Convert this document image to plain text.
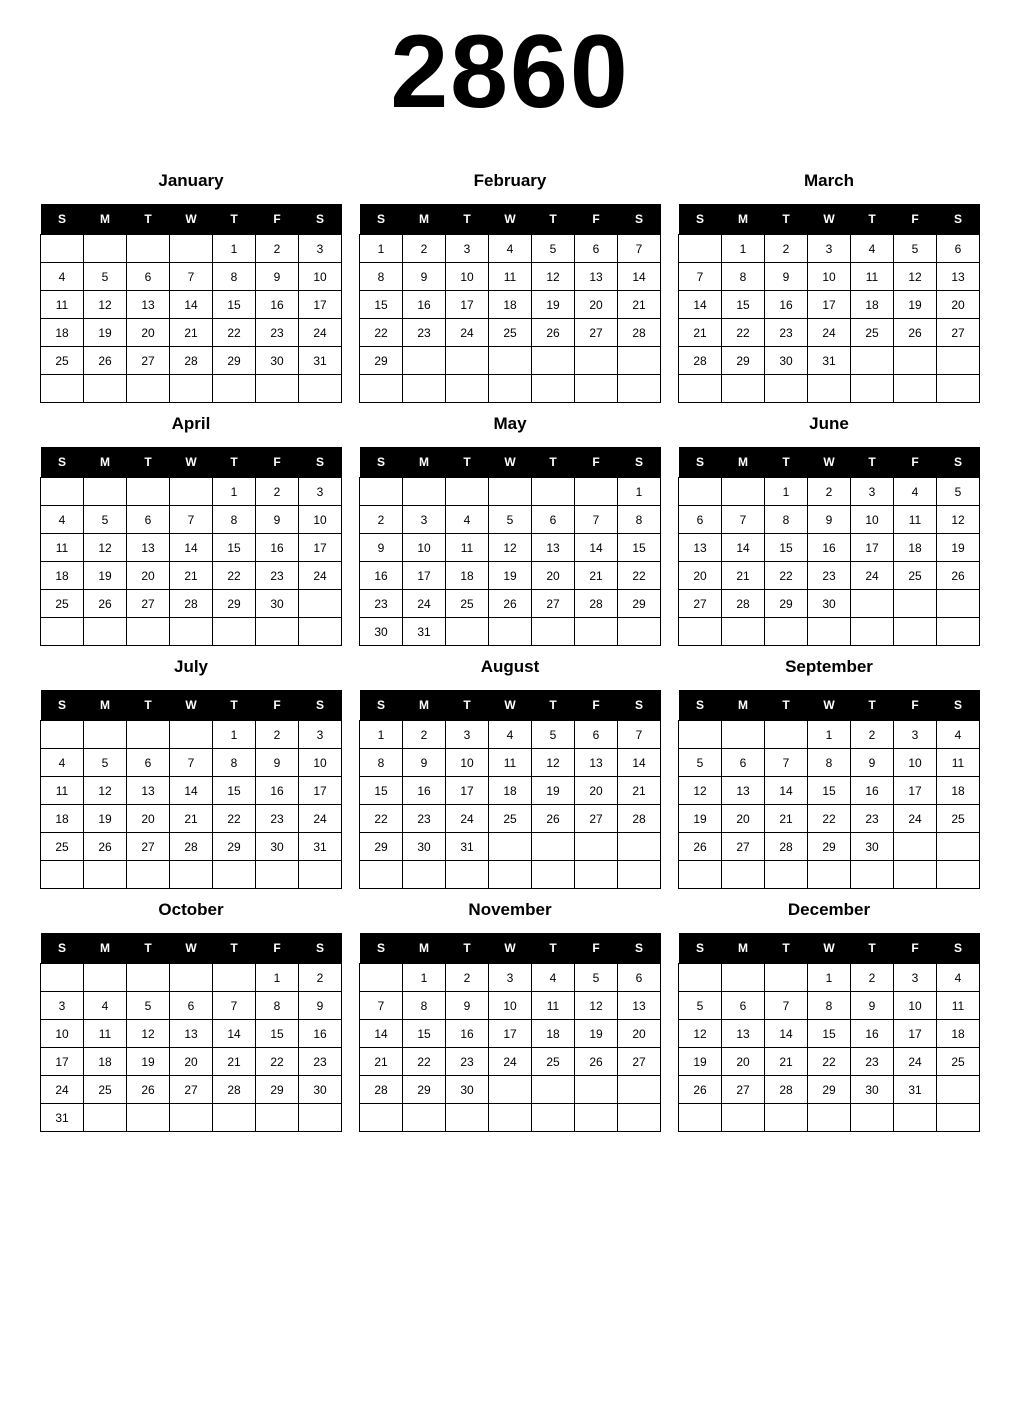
2860
January
S	M	T	W	T	F	S
				1	2	3
4	5	6	7	8	9	10
11	12	13	14	15	16	17
18	19	20	21	22	23	24
25	26	27	28	29	30	31

February
S	M	T	W	T	F	S
1	2	3	4	5	6	7
8	9	10	11	12	13	14
15	16	17	18	19	20	21
22	23	24	25	26	27	28
29						

March
S	M	T	W	T	F	S
	1	2	3	4	5	6
7	8	9	10	11	12	13
14	15	16	17	18	19	20
21	22	23	24	25	26	27
28	29	30	31			

April
S	M	T	W	T	F	S
				1	2	3
4	5	6	7	8	9	10
11	12	13	14	15	16	17
18	19	20	21	22	23	24
25	26	27	28	29	30	

May
S	M	T	W	T	F	S
						1
2	3	4	5	6	7	8
9	10	11	12	13	14	15
16	17	18	19	20	21	22
23	24	25	26	27	28	29
30	31					
June
S	M	T	W	T	F	S
		1	2	3	4	5
6	7	8	9	10	11	12
13	14	15	16	17	18	19
20	21	22	23	24	25	26
27	28	29	30			

July
S	M	T	W	T	F	S
				1	2	3
4	5	6	7	8	9	10
11	12	13	14	15	16	17
18	19	20	21	22	23	24
25	26	27	28	29	30	31

August
S	M	T	W	T	F	S
1	2	3	4	5	6	7
8	9	10	11	12	13	14
15	16	17	18	19	20	21
22	23	24	25	26	27	28
29	30	31				

September
S	M	T	W	T	F	S
			1	2	3	4
5	6	7	8	9	10	11
12	13	14	15	16	17	18
19	20	21	22	23	24	25
26	27	28	29	30		

October
S	M	T	W	T	F	S
					1	2
3	4	5	6	7	8	9
10	11	12	13	14	15	16
17	18	19	20	21	22	23
24	25	26	27	28	29	30
31						
November
S	M	T	W	T	F	S
	1	2	3	4	5	6
7	8	9	10	11	12	13
14	15	16	17	18	19	20
21	22	23	24	25	26	27
28	29	30				

December
S	M	T	W	T	F	S
			1	2	3	4
5	6	7	8	9	10	11
12	13	14	15	16	17	18
19	20	21	22	23	24	25
26	27	28	29	30	31	
